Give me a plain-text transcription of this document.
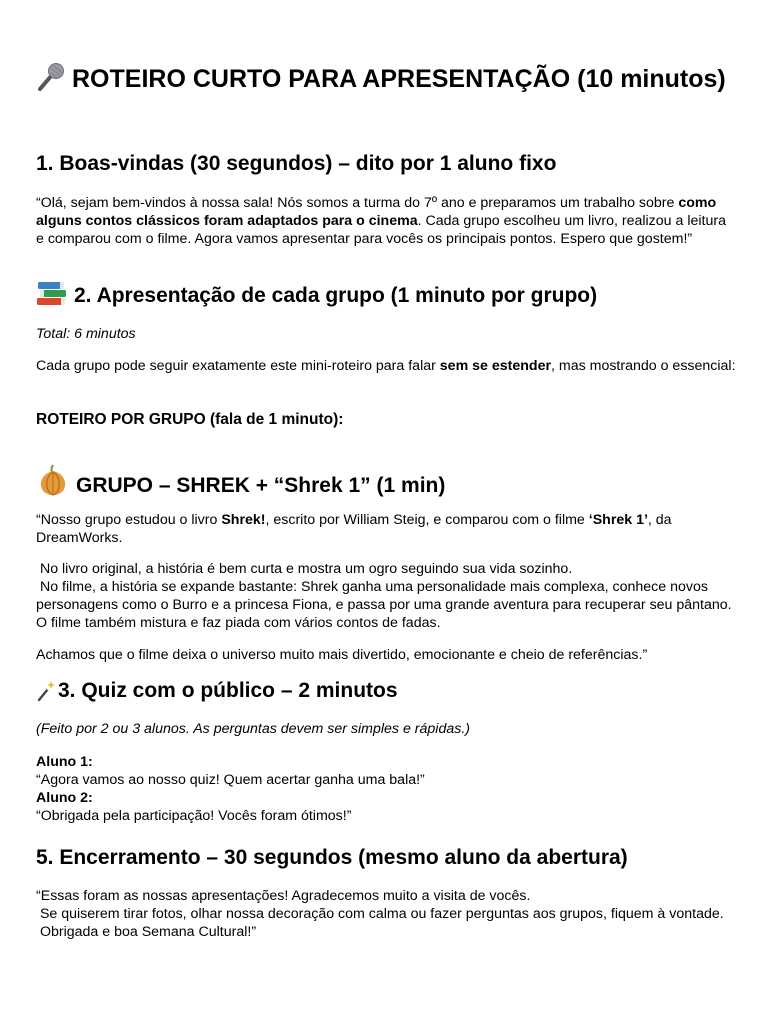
ROTEIRO CURTO PARA APRESENTAÇÃO (10 minutos)
1. Boas-vindas (30 segundos) – dito por 1 aluno fixo

“Olá, sejam bem-vindos à nossa sala! Nós somos a turma do 7º ano e preparamos um trabalho sobre como alguns contos clássicos foram adaptados para o cinema. Cada grupo escolheu um livro, realizou a leitura e comparou com o filme. Agora vamos apresentar para vocês os principais pontos. Espero que gostem!”

2. Apresentação de cada grupo (1 minuto por grupo)

Total: 6 minutos

Cada grupo pode seguir exatamente este mini-roteiro para falar sem se estender, mas mostrando o essencial:

ROTEIRO POR GRUPO (fala de 1 minuto):

GRUPO – SHREK + “Shrek 1” (1 min)

“Nosso grupo estudou o livro Shrek!, escrito por William Steig, e comparou com o filme ‘Shrek 1’, da DreamWorks.

No livro original, a história é bem curta e mostra um ogro seguindo sua vida sozinho.
No filme, a história se expande bastante: Shrek ganha uma personalidade mais complexa, conhece novos personagens como o Burro e a princesa Fiona, e passa por uma grande aventura para recuperar seu pântano. O filme também mistura e faz piada com vários contos de fadas.

Achamos que o filme deixa o universo muito mais divertido, emocionante e cheio de referências.”

3. Quiz com o público – 2 minutos

(Feito por 2 ou 3 alunos. As perguntas devem ser simples e rápidas.)

Aluno 1:
“Agora vamos ao nosso quiz! Quem acertar ganha uma bala!”
Aluno 2:
“Obrigada pela participação! Vocês foram ótimos!”
5. Encerramento – 30 segundos (mesmo aluno da abertura)
“Essas foram as nossas apresentações! Agradecemos muito a visita de vocês.
Se quiserem tirar fotos, olhar nossa decoração com calma ou fazer perguntas aos grupos, fiquem à vontade.
Obrigada e boa Semana Cultural!”
